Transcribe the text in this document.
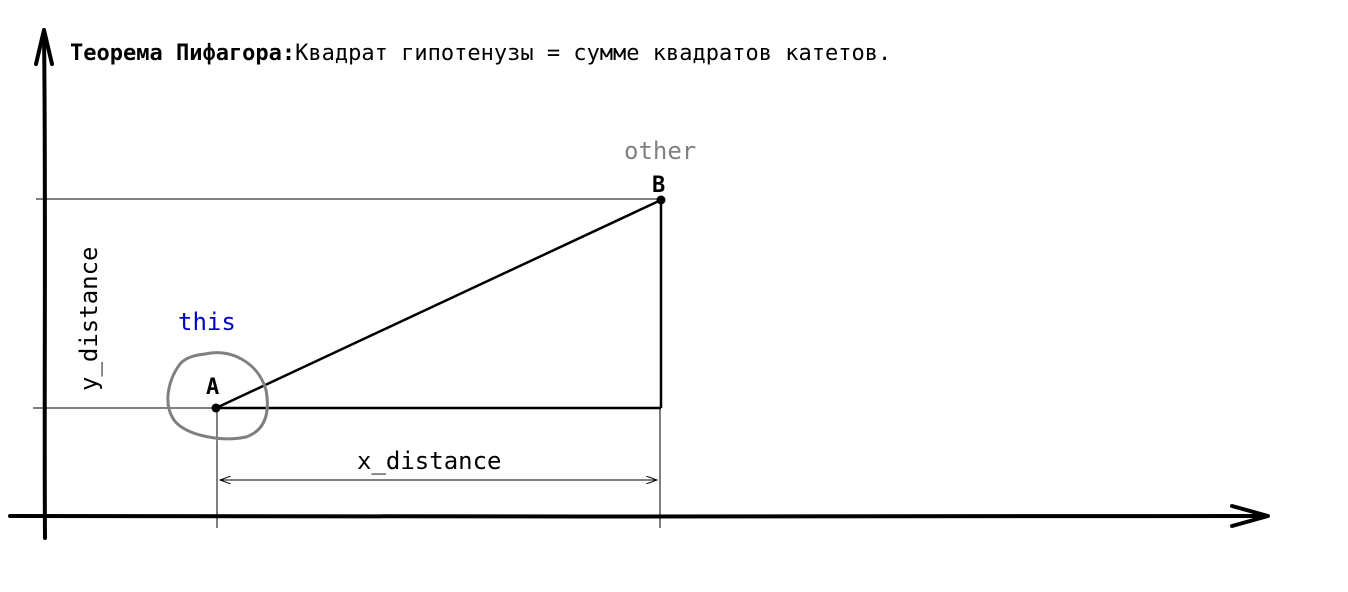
Теорема Пифагора:Квадрат гипотенузы = сумме квадратов катетов.
A
B
this
other
x_distance
y_distance
